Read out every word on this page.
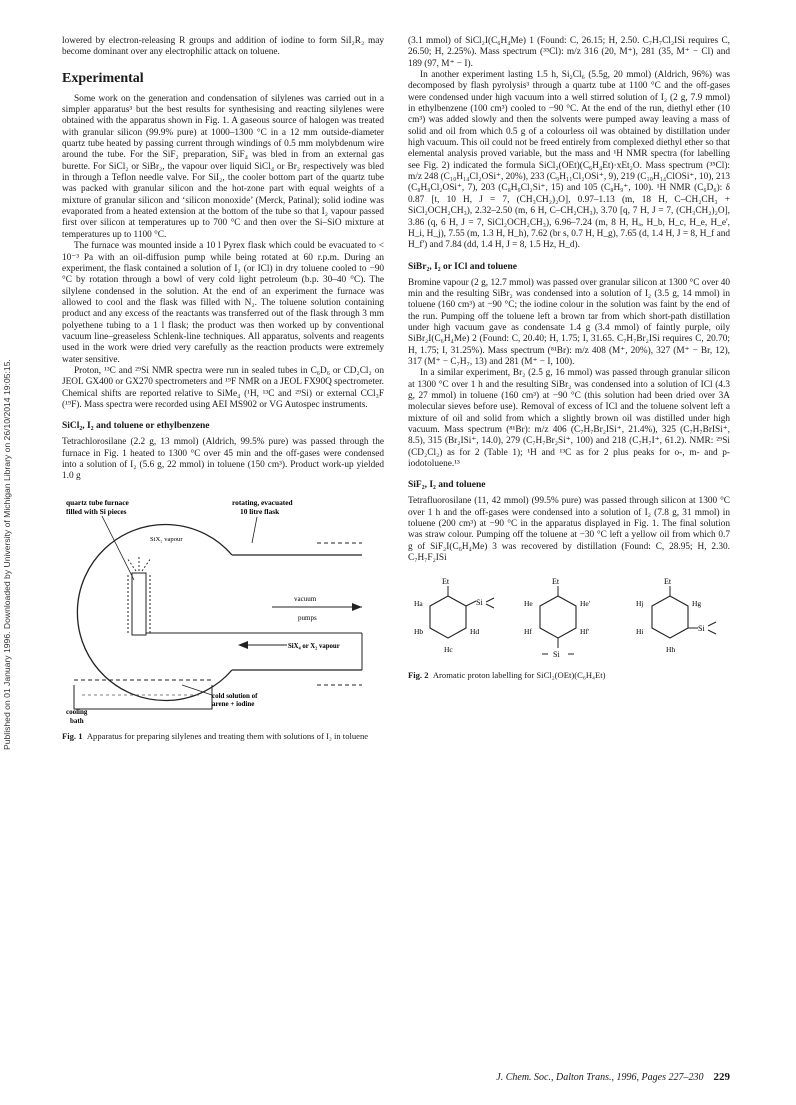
Published on 01 January 1996. Downloaded by University of Michigan Library on 26/10/2014 19:05:15.

lowered by electron-releasing R groups and addition of iodine to form SiI₂R₂ may become dominant over any electrophilic attack on toluene.

Experimental

Some work on the generation and condensation of silylenes was carried out in a simpler apparatus³ but the best results for synthesising and reacting silylenes were obtained with the apparatus shown in Fig. 1. A gaseous source of halogen was treated with granular silicon (99.9% pure) at 1000–1300 °C in a 12 mm outside-diameter quartz tube heated by passing current through windings of 0.5 mm molybdenum wire around the tube. For the SiF₂ preparation, SiF₄ was bled in from an external gas burette. For SiCl₂ or SiBr₂, the vapour over liquid SiCl₄ or Br₂ respectively was bled in through a Teflon needle valve. For SiI₂, the cooler bottom part of the quartz tube was packed with granular silicon and the hot-zone part with equal weights of a mixture of granular silicon and ‘silicon monoxide’ (Merck, Patinal); solid iodine was evaporated from a heated extension at the bottom of the tube so that I₂ vapour passed first over silicon at temperatures up to 700 °C and then over the Si–SiO mixture at temperatures up to 1100 °C.

The furnace was mounted inside a 10 l Pyrex flask which could be evacuated to < 10⁻³ Pa with an oil-diffusion pump while being rotated at 60 r.p.m. During an experiment, the flask contained a solution of I₂ (or ICl) in dry toluene cooled to −90 °C by rotation through a bowl of very cold light petroleum (b.p. 30–40 °C). The silylene condensed in the solution. At the end of an experiment the furnace was allowed to cool and the flask was filled with N₂. The toluene solution containing product and any excess of the reactants was transferred out of the flask through 3 mm polyethene tubing to a 1 l flask; the product was then worked up by conventional vacuum line–greaseless Schlenk-line techniques. All apparatus, solvents and reagents used in the work were dried very carefully as the reaction products were extremely water sensitive.

Proton, ¹³C and ²⁹Si NMR spectra were run in sealed tubes in C₆D₆ or CD₂Cl₂ on JEOL GX400 or GX270 spectrometers and ¹⁹F NMR on a JEOL FX90Q spectrometer. Chemical shifts are reported relative to SiMe₄ (¹H, ¹³C and ²⁹Si) or external CCl₃F (¹⁹F). Mass spectra were recorded using AEI MS902 or VG Autospec instruments.

SiCl₂, I₂ and toluene or ethylbenzene

Tetrachlorosilane (2.2 g, 13 mmol) (Aldrich, 99.5% pure) was passed through the furnace in Fig. 1 heated to 1300 °C over 45 min and the off-gases were condensed into a solution of I₂ (5.6 g, 22 mmol) in toluene (150 cm³). Product work-up yielded 1.0 g

quartz tube furnace
filled with Si pieces
rotating, evacuated
10 litre flask
SiX₂ vapour
vacuum
pumps
SiX₄ or X₂ vapour
cold solution of
arene + iodine
cooling
bath
Fig. 1 Apparatus for preparing silylenes and treating them with solutions of I₂ in toluene

(3.1 mmol) of SiCl₂I(C₆H₄Me) 1 (Found: C, 26.15; H, 2.50. C₇H₇Cl₂ISi requires C, 26.50; H, 2.25%). Mass spectrum (³⁵Cl): m/z 316 (20, M⁺), 281 (35, M⁺ − Cl) and 189 (97, M⁺ − I).

In another experiment lasting 1.5 h, Si₂Cl₆ (5.5g, 20 mmol) (Aldrich, 96%) was decomposed by flash pyrolysis³ through a quartz tube at 1100 °C and the off-gases were condensed under high vacuum into a well stirred solution of I₂ (2 g, 7.9 mmol) in ethylbenzene (100 cm³) cooled to −90 °C. At the end of the run, diethyl ether (10 cm³) was added slowly and then the solvents were pumped away leaving a mass of solid and oil from which 0.5 g of a colourless oil was obtained by distillation under high vacuum. This oil could not be freed entirely from complexed diethyl ether so that elemental analysis proved variable, but the mass and ¹H NMR spectra (for labelling see Fig. 2) indicated the formula SiCl₂(OEt)(C₆H₄Et)·xEt₂O. Mass spectrum (³⁵Cl): m/z 248 (C₁₀H₁₄Cl₂OSi⁺, 20%), 233 (C₉H₁₁Cl₂OSi⁺, 9), 219 (C₁₀H₁₄ClOSi⁺, 10), 213 (C₈H₉Cl₂OSi⁺, 7), 203 (C₈H₉Cl₂Si⁺, 15) and 105 (C₈H₉⁺, 100). ¹H NMR (C₆D₆): δ 0.87 [t, 10 H, J = 7, (CH₃CH₂)₂O], 0.97–1.13 (m, 18 H, C–CH₂CH₃ + SiCl₂OCH₂CH₃), 2.32–2.50 (m, 6 H, C–CH₂CH₃), 3.70 [q, 7 H, J = 7, (CH₃CH₂)₂O], 3.86 (q, 6 H, J = 7, SiCl₂OCH₂CH₃), 6.96–7.24 (m, 8 H, Hₐ, H_b, H_c, H_e, H_e', H_i, H_j), 7.55 (m, 1.3 H, H_h), 7.62 (br s, 0.7 H, H_g), 7.65 (d, 1.4 H, J = 8, H_f and H_f') and 7.84 (dd, 1.4 H, J = 8, 1.5 Hz, H_d).

SiBr₂, I₂ or ICl and toluene

Bromine vapour (2 g, 12.7 mmol) was passed over granular silicon at 1300 °C over 40 min and the resulting SiBr₂ was condensed into a solution of I₂ (3.5 g, 14 mmol) in toluene (160 cm³) at −90 °C; the iodine colour in the solution was faint by the end of the run. Pumping off the toluene left a brown tar from which short-path distillation under high vacuum gave as condensate 1.4 g (3.4 mmol) of faintly purple, oily SiBr₂I(C₆H₄Me) 2 (Found: C, 20.40; H, 1.75; I, 31.65. C₇H₇Br₂ISi requires C, 20.70; H, 1.75; I, 31.25%). Mass spectrum (⁸¹Br): m/z 408 (M⁺, 20%), 327 (M⁺ − Br, 12), 317 (M⁺ − C₇H₇, 13) and 281 (M⁺ − I, 100).

In a similar experiment, Br₂ (2.5 g, 16 mmol) was passed through granular silicon at 1300 °C over 1 h and the resulting SiBr₂ was condensed into a solution of ICl (4.3 g, 27 mmol) in toluene (160 cm³) at −90 °C (this solution had been dried over 3A molecular sieves before use). Removal of excess of ICl and the toluene solvent left a mixture of oil and solid from which a slightly brown oil was distilled under high vacuum. Mass spectrum (⁸¹Br): m/z 406 (C₇H₇Br₂ISi⁺, 21.4%), 325 (C₇H₇BrISi⁺, 8.5), 315 (Br₂ISi⁺, 14.0), 279 (C₇H₇Br₂Si⁺, 100) and 218 (C₇H₇I⁺, 61.2). NMR: ²⁹Si (CD₂Cl₂) as for 2 (Table 1); ¹H and ¹³C as for 2 plus peaks for o-, m- and p-iodotoluene.¹³

SiF₂, I₂ and toluene

Tetrafluorosilane (11, 42 mmol) (99.5% pure) was passed through silicon at 1300 °C over 1 h and the off-gases were condensed into a solution of I₂ (7.8 g, 31 mmol) in toluene (200 cm³) at −90 °C in the apparatus displayed in Fig. 1. The final solution was straw colour. Pumping off the toluene at −30 °C left a yellow oil from which 0.7 g of SiF₂I(C₆H₄Me) 3 was recovered by distillation (Found: C, 28.95; H, 2.30. C₇H₇F₂ISi

Et
Si
Ha
Hb
Hc
Hd
Et
Si
He	He'
Hf	Hf'
Et
Si
Hj	Hg
Hi
Hh
Fig. 2 Aromatic proton labelling for SiCl₂(OEt)(C₆H₄Et)
J. Chem. Soc., Dalton Trans., 1996, Pages 227–230 229
